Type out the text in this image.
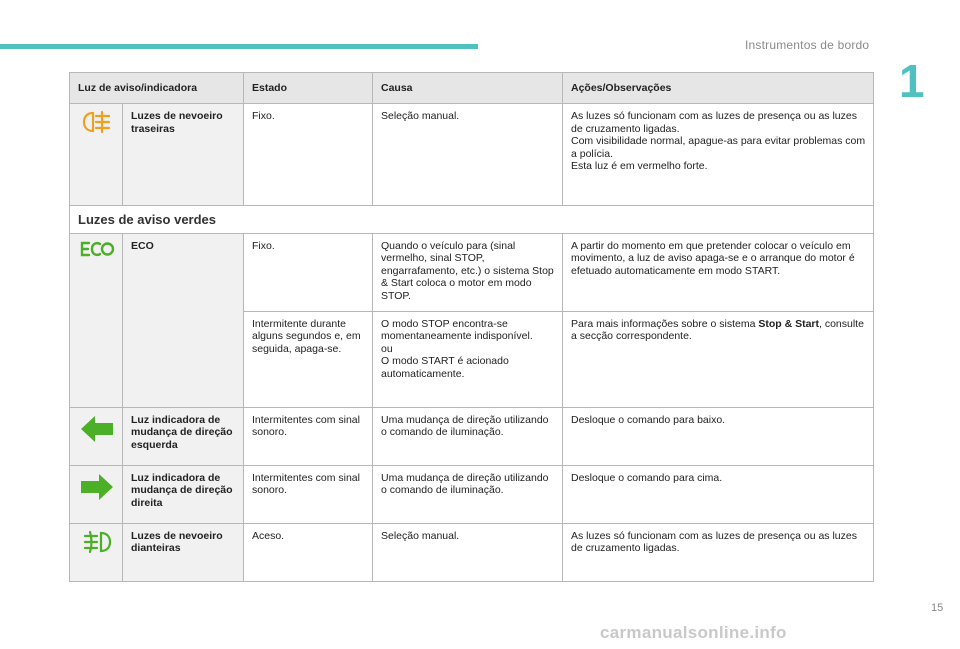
Instrumentos de bordo
1
Luz de aviso/indicadora		Estado	Causa	Ações/Observações

	Luzes de nevoeiro traseiras	Fixo.	Seleção manual.	As luzes só funcionam com as luzes de presença ou as luzes de cruzamento ligadas.
Com visibilidade normal, apague-as para evitar problemas com a polícia.
Esta luz é em vermelho forte.

Luzes de aviso verdes				

	ECO	Fixo.	Quando o veículo para (sinal vermelho, sinal STOP, engarrafamento, etc.) o sistema Stop & Start coloca o motor em modo STOP.	A partir do momento em que pretender colocar o veículo em movimento, a luz de aviso apaga-se e o arranque do motor é efetuado automaticamente em modo START.
		Intermitente durante alguns segundos e, em seguida, apaga-se.	O modo STOP encontra-se momentaneamente indisponível.
ou
O modo START é acionado automaticamente.	Para mais informações sobre o sistema Stop & Start, consulte a secção correspondente.

	Luz indicadora de mudança de direção esquerda	Intermitentes com sinal sonoro.	Uma mudança de direção utilizando o comando de iluminação.	Desloque o comando para baixo.

	Luz indicadora de mudança de direção direita	Intermitentes com sinal sonoro.	Uma mudança de direção utilizando o comando de iluminação.	Desloque o comando para cima.

	Luzes de nevoeiro dianteiras	Aceso.	Seleção manual.	As luzes só funcionam com as luzes de presença ou as luzes de cruzamento ligadas.
15
carmanualsonline.info
